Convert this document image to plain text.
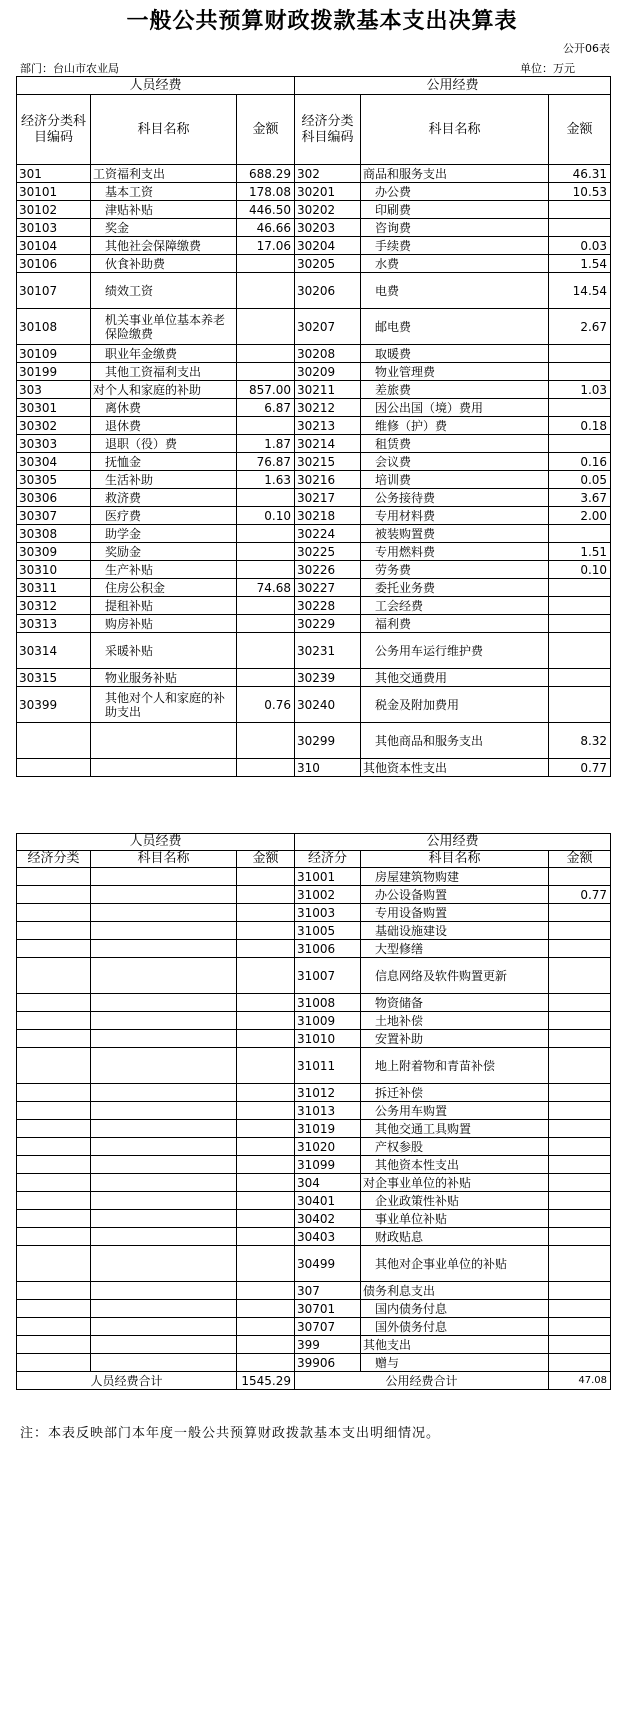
一般公共预算财政拨款基本支出决算表
公开06表
部门：台山市农业局	单位：万元
人员经费			公用经费		
经济分类科目编码	科目名称	金额	经济分类科目编码	科目名称	金额
301	工资福利支出	688.29	302	商品和服务支出	46.31
30101	基本工资	178.08	30201	办公费	10.53
30102	津贴补贴	446.50	30202	印刷费	
30103	奖金	46.66	30203	咨询费	
30104	其他社会保障缴费	17.06	30204	手续费	0.03
30106	伙食补助费		30205	水费	1.54
30107	绩效工资		30206	电费	14.54
30108	机关事业单位基本养老保险缴费		30207	邮电费	2.67
30109	职业年金缴费		30208	取暖费	
30199	其他工资福利支出		30209	物业管理费	
303	对个人和家庭的补助	857.00	30211	差旅费	1.03
30301	离休费	6.87	30212	因公出国（境）费用	
30302	退休费		30213	维修（护）费	0.18
30303	退职（役）费	1.87	30214	租赁费	
30304	抚恤金	76.87	30215	会议费	0.16
30305	生活补助	1.63	30216	培训费	0.05
30306	救济费		30217	公务接待费	3.67
30307	医疗费	0.10	30218	专用材料费	2.00
30308	助学金		30224	被装购置费	
30309	奖励金		30225	专用燃料费	1.51
30310	生产补贴		30226	劳务费	0.10
30311	住房公积金	74.68	30227	委托业务费	
30312	提租补贴		30228	工会经费	
30313	购房补贴		30229	福利费	
30314	采暖补贴		30231	公务用车运行维护费	
30315	物业服务补贴		30239	其他交通费用	
30399	其他对个人和家庭的补助支出	0.76	30240	税金及附加费用	
			30299	其他商品和服务支出	8.32
			310	其他资本性支出	0.77
人员经费			公用经费		
经济分类	科目名称	金额	经济分	科目名称	金额
			31001	房屋建筑物购建	
			31002	办公设备购置	0.77
			31003	专用设备购置	
			31005	基础设施建设	
			31006	大型修缮	
			31007	信息网络及软件购置更新	
			31008	物资储备	
			31009	土地补偿	
			31010	安置补助	
			31011	地上附着物和青苗补偿	
			31012	拆迁补偿	
			31013	公务用车购置	
			31019	其他交通工具购置	
			31020	产权参股	
			31099	其他资本性支出	
			304	对企事业单位的补贴	
			30401	企业政策性补贴	
			30402	事业单位补贴	
			30403	财政贴息	
			30499	其他对企事业单位的补贴	
			307	债务利息支出	
			30701	国内债务付息	
			30707	国外债务付息	
			399	其他支出	
			39906	赠与	
人员经费合计		1545.29	公用经费合计		47.08
注：本表反映部门本年度一般公共预算财政拨款基本支出明细情况。
